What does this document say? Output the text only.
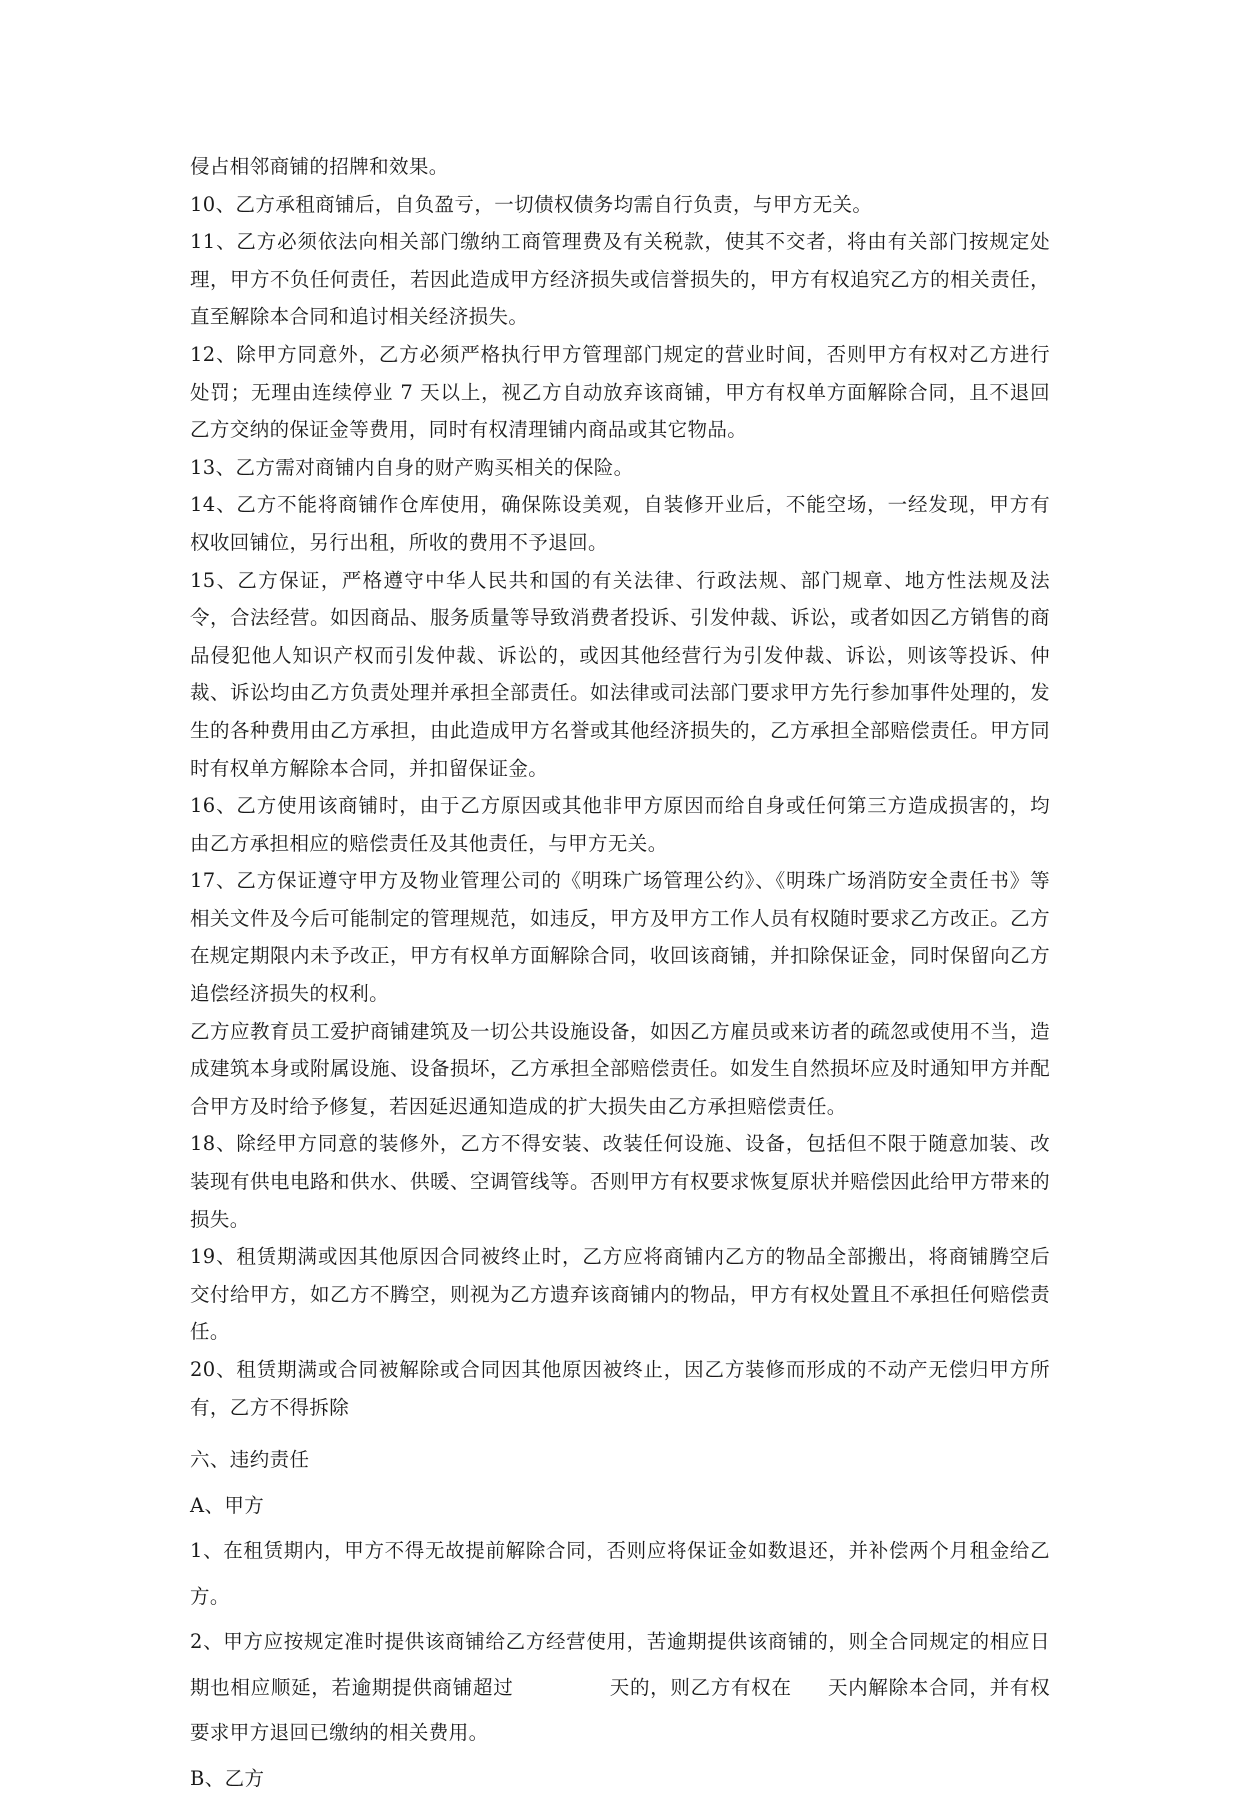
侵占相邻商铺的招牌和效果。

10、乙方承租商铺后，自负盈亏，一切债权债务均需自行负责，与甲方无关。

11、乙方必须依法向相关部门缴纳工商管理费及有关税款，使其不交者，将由有关部门按规定处理，甲方不负任何责任，若因此造成甲方经济损失或信誉损失的，甲方有权追究乙方的相关责任，直至解除本合同和追讨相关经济损失。

12、除甲方同意外，乙方必须严格执行甲方管理部门规定的营业时间，否则甲方有权对乙方进行处罚；无理由连续停业 7 天以上，视乙方自动放弃该商铺，甲方有权单方面解除合同，且不退回乙方交纳的保证金等费用，同时有权清理铺内商品或其它物品。

13、乙方需对商铺内自身的财产购买相关的保险。

14、乙方不能将商铺作仓库使用，确保陈设美观，自装修开业后，不能空场，一经发现，甲方有权收回铺位，另行出租，所收的费用不予退回。

15、乙方保证，严格遵守中华人民共和国的有关法律、行政法规、部门规章、地方性法规及法令，合法经营。如因商品、服务质量等导致消费者投诉、引发仲裁、诉讼，或者如因乙方销售的商品侵犯他人知识产权而引发仲裁、诉讼的，或因其他经营行为引发仲裁、诉讼，则该等投诉、仲裁、诉讼均由乙方负责处理并承担全部责任。如法律或司法部门要求甲方先行参加事件处理的，发生的各种费用由乙方承担，由此造成甲方名誉或其他经济损失的，乙方承担全部赔偿责任。甲方同时有权单方解除本合同，并扣留保证金。

16、乙方使用该商铺时，由于乙方原因或其他非甲方原因而给自身或任何第三方造成损害的，均由乙方承担相应的赔偿责任及其他责任，与甲方无关。

17、乙方保证遵守甲方及物业管理公司的《明珠广场管理公约》、《明珠广场消防安全责任书》等相关文件及今后可能制定的管理规范，如违反，甲方及甲方工作人员有权随时要求乙方改正。乙方在规定期限内未予改正，甲方有权单方面解除合同，收回该商铺，并扣除保证金，同时保留向乙方追偿经济损失的权利。

乙方应教育员工爱护商铺建筑及一切公共设施设备，如因乙方雇员或来访者的疏忽或使用不当，造成建筑本身或附属设施、设备损坏，乙方承担全部赔偿责任。如发生自然损坏应及时通知甲方并配合甲方及时给予修复，若因延迟通知造成的扩大损失由乙方承担赔偿责任。

18、除经甲方同意的装修外，乙方不得安装、改装任何设施、设备，包括但不限于随意加装、改装现有供电电路和供水、供暖、空调管线等。否则甲方有权要求恢复原状并赔偿因此给甲方带来的损失。

19、租赁期满或因其他原因合同被终止时，乙方应将商铺内乙方的物品全部搬出，将商铺腾空后交付给甲方，如乙方不腾空，则视为乙方遗弃该商铺内的物品，甲方有权处置且不承担任何赔偿责任。

20、租赁期满或合同被解除或合同因其他原因被终止，因乙方装修而形成的不动产无偿归甲方所有，乙方不得拆除

六、违约责任

A、甲方

1、在租赁期内，甲方不得无故提前解除合同，否则应将保证金如数退还，并补偿两个月租金给乙方。

2、甲方应按规定准时提供该商铺给乙方经营使用，苦逾期提供该商铺的，则全合同规定的相应日期也相应顺延，若逾期提供商铺超过	天的，则乙方有权在 天内解除本合同，并有权要求甲方退回已缴纳的相关费用。

B、乙方
